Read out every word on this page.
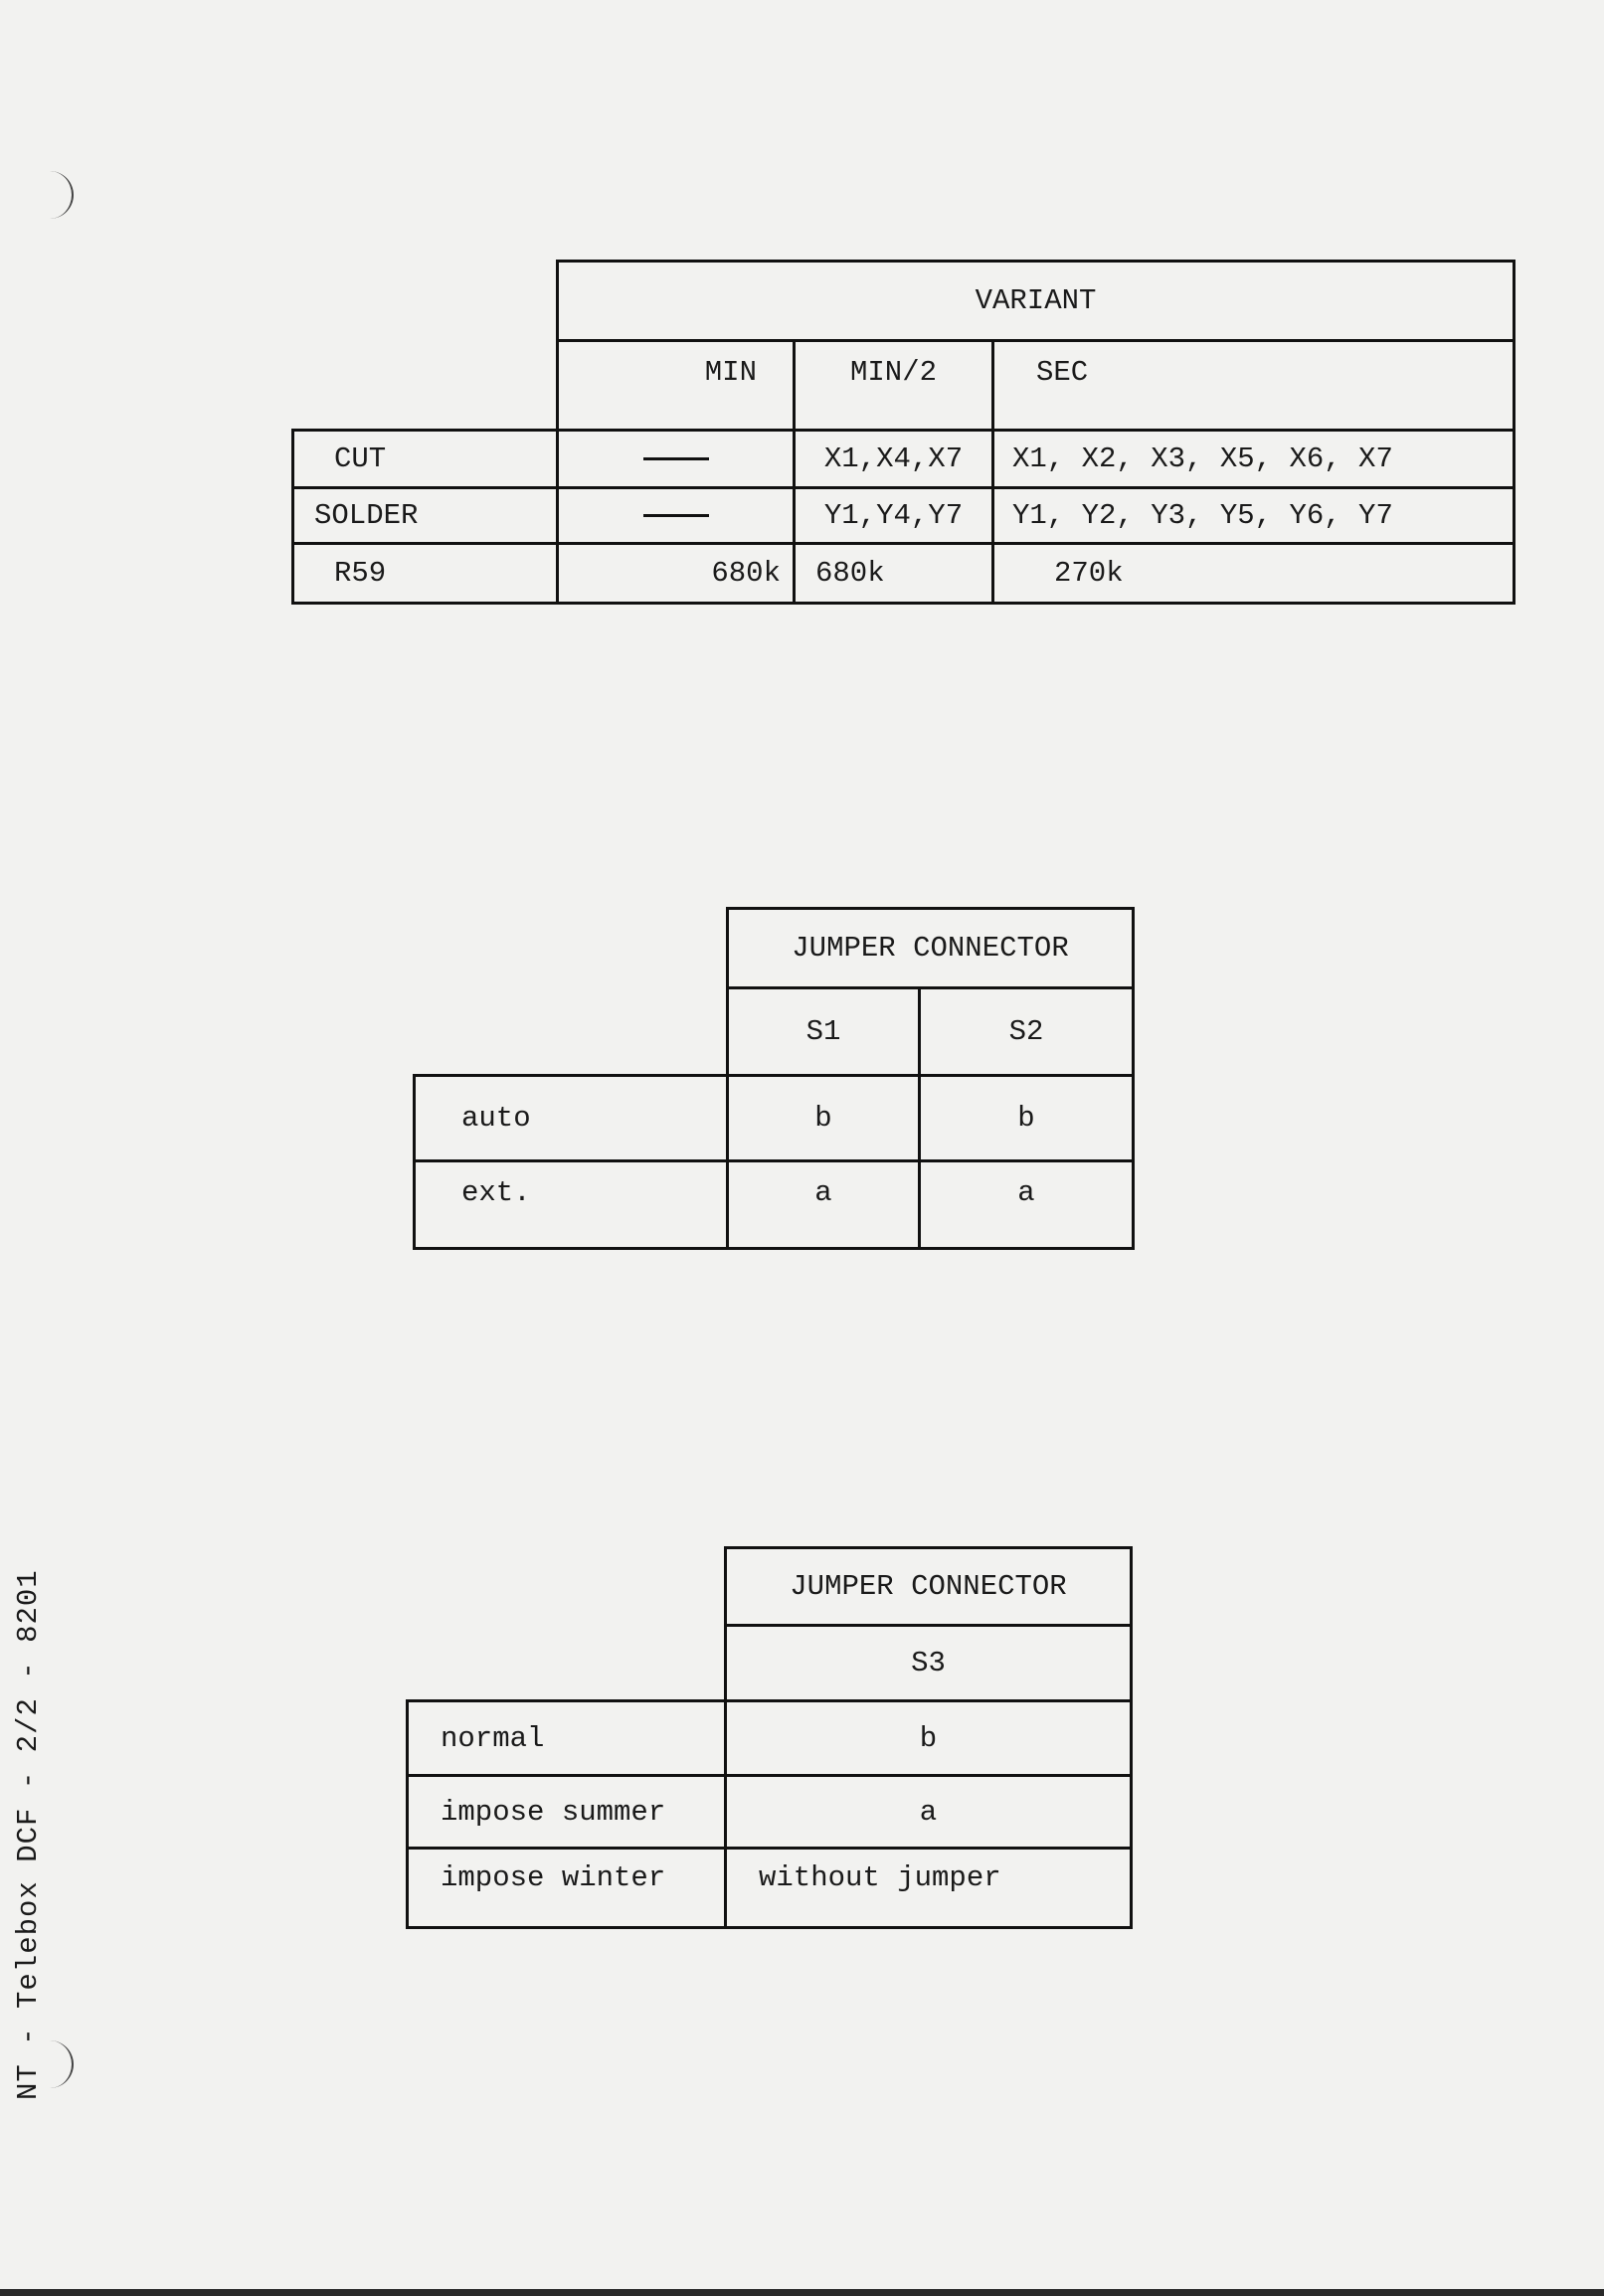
	VARIANT		
	MIN	MIN/2	SEC
CUT		X1,X4,X7	X1, X2, X3, X5, X6, X7
SOLDER		Y1,Y4,Y7	Y1, Y2, Y3, Y5, Y6, Y7
R59	680k	680k	270k
	JUMPER CONNECTOR	
	S1	S2
auto	b	b
ext.	a	a
	JUMPER CONNECTOR
	S3
normal	b
impose summer	a
impose winter	without jumper
NT - Telebox DCF - 2/2 - 8201
